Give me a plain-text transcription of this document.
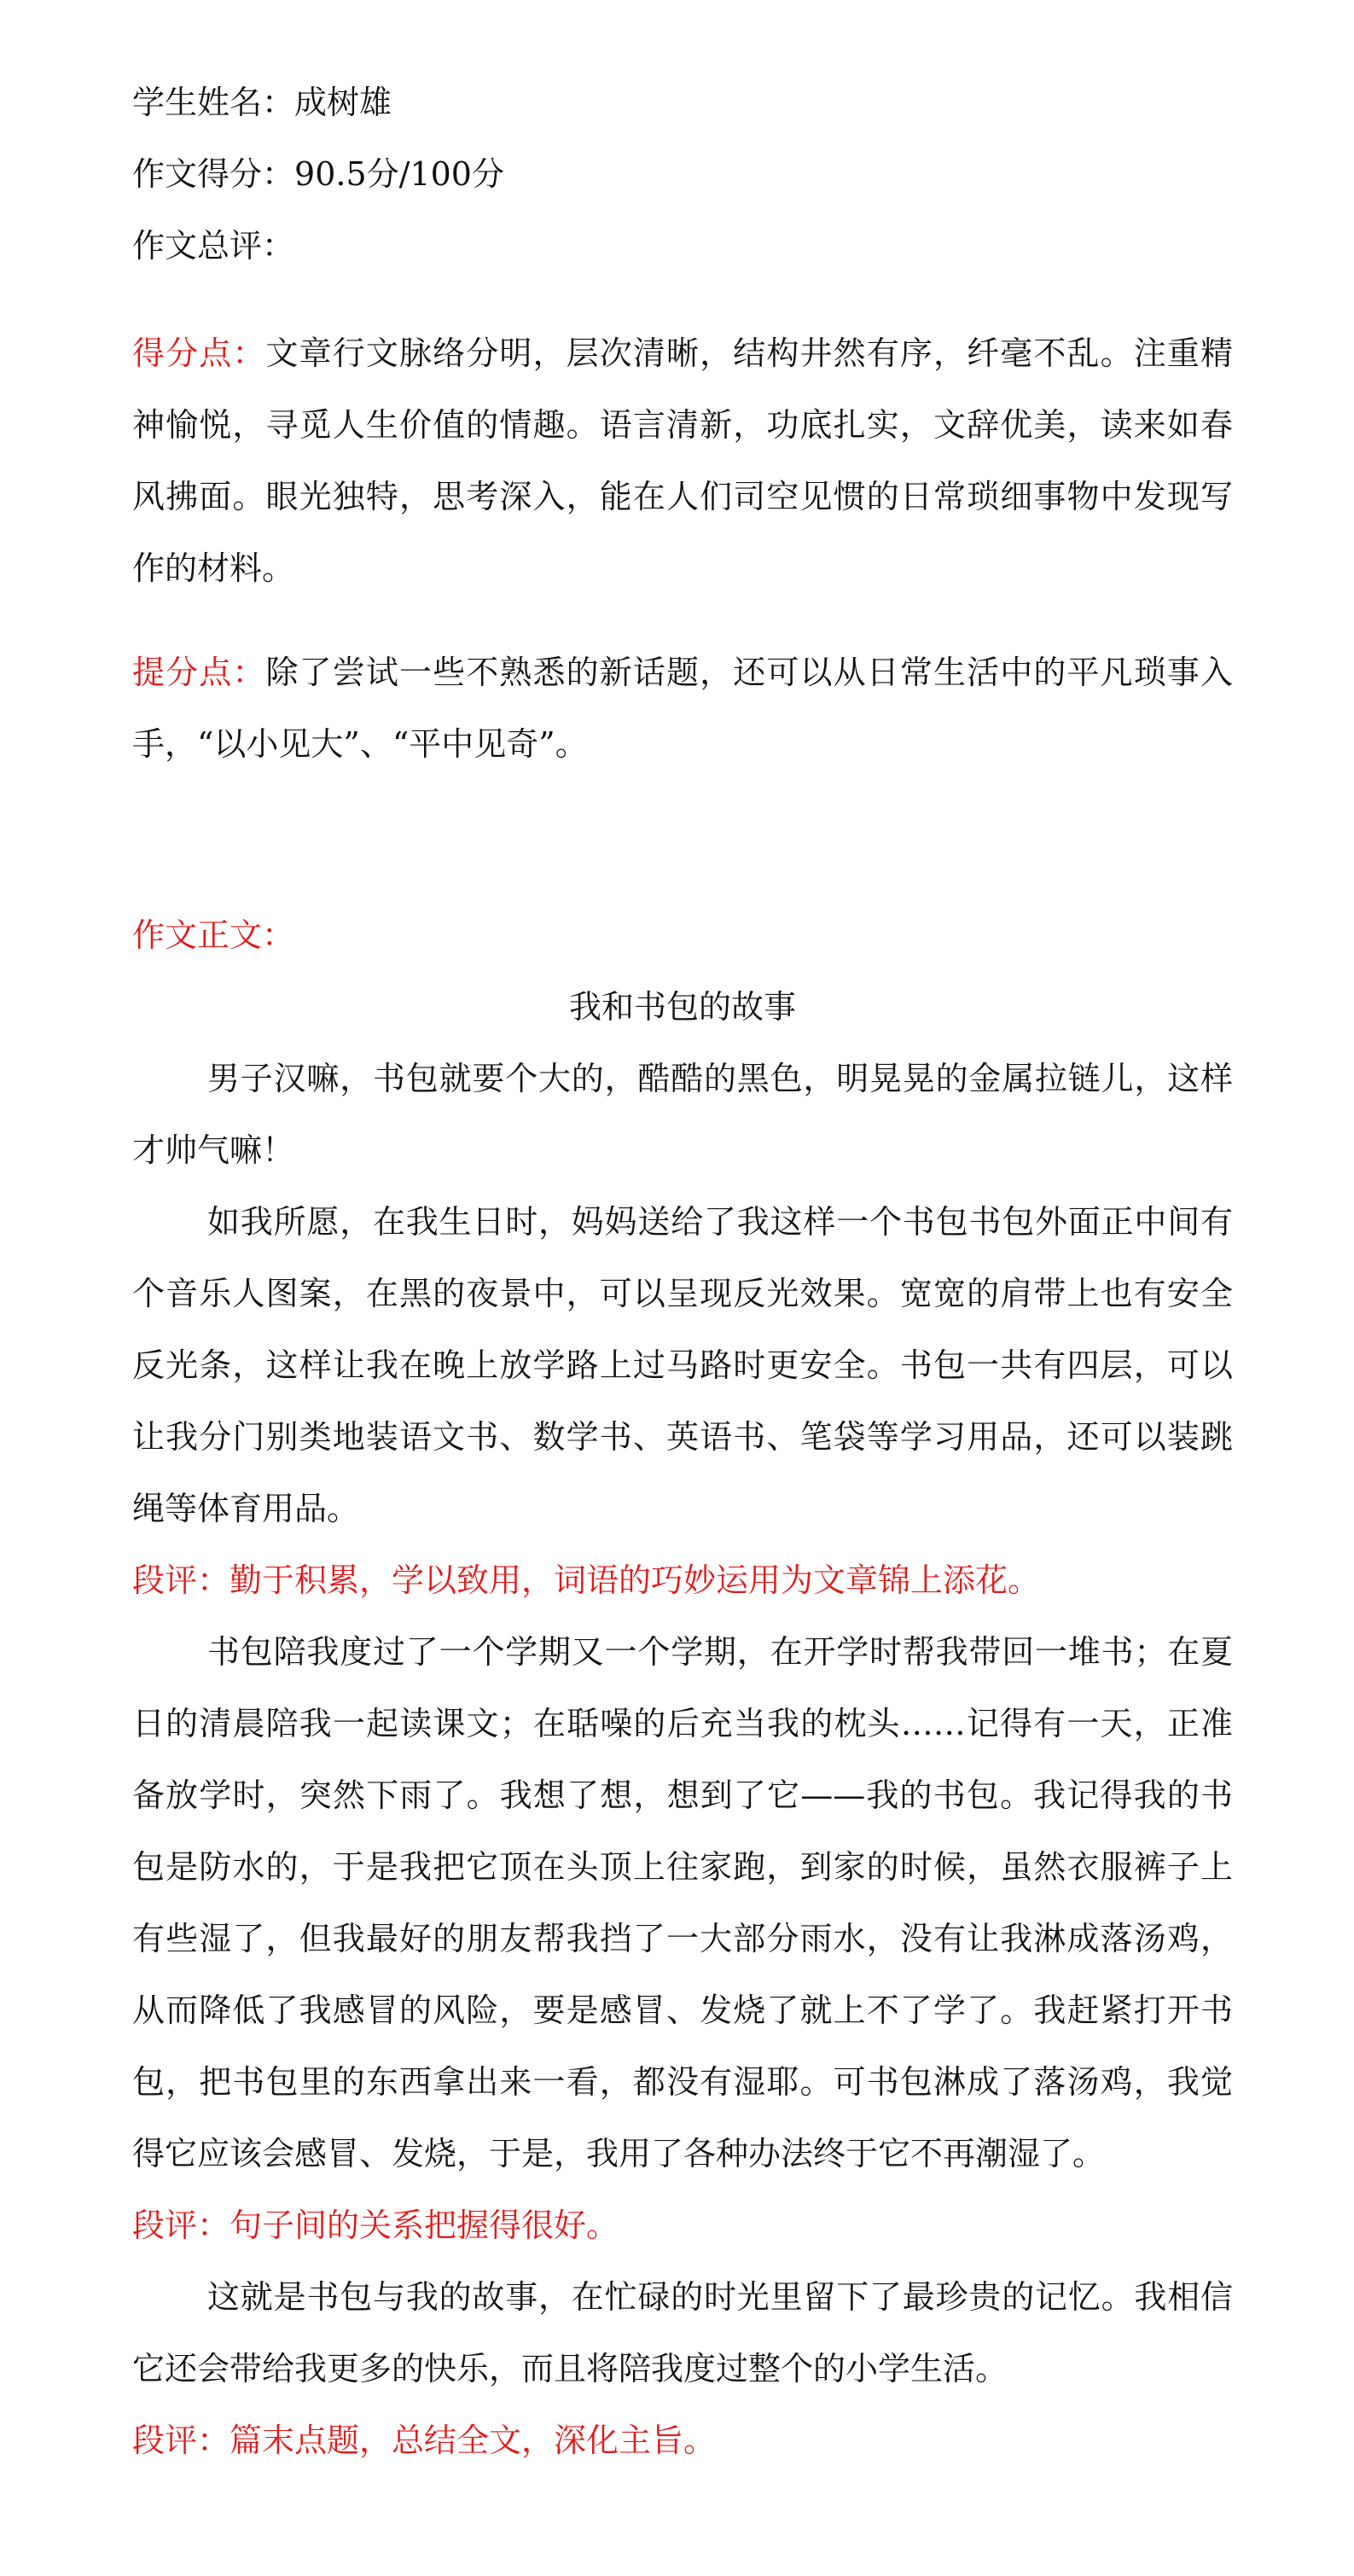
学生姓名：成树雄
作文得分：90.5分/100分
作文总评：
得分点：文章行文脉络分明，层次清晰，结构井然有序，纤毫不乱。注重精神愉悦，寻觅人生价值的情趣。语言清新，功底扎实，文辞优美，读来如春风拂面。眼光独特，思考深入，能在人们司空见惯的日常琐细事物中发现写作的材料。
提分点：除了尝试一些不熟悉的新话题，还可以从日常生活中的平凡琐事入手，“以小见大”、“平中见奇”。
作文正文：
我和书包的故事
男子汉嘛，书包就要个大的，酷酷的黑色，明晃晃的金属拉链儿，这样才帅气嘛！
如我所愿，在我生日时，妈妈送给了我这样一个书包书包外面正中间有个音乐人图案，在黑的夜景中，可以呈现反光效果。宽宽的肩带上也有安全反光条，这样让我在晚上放学路上过马路时更安全。书包一共有四层，可以让我分门别类地装语文书、数学书、英语书、笔袋等学习用品，还可以装跳绳等体育用品。
段评：勤于积累，学以致用，词语的巧妙运用为文章锦上添花。
书包陪我度过了一个学期又一个学期，在开学时帮我带回一堆书；在夏日的清晨陪我一起读课文；在聒噪的后充当我的枕头……记得有一天，正准备放学时，突然下雨了。我想了想，想到了它——我的书包。我记得我的书包是防水的，于是我把它顶在头顶上往家跑，到家的时候，虽然衣服裤子上有些湿了，但我最好的朋友帮我挡了一大部分雨水，没有让我淋成落汤鸡，从而降低了我感冒的风险，要是感冒、发烧了就上不了学了。我赶紧打开书包，把书包里的东西拿出来一看，都没有湿耶。可书包淋成了落汤鸡，我觉得它应该会感冒、发烧，于是，我用了各种办法终于它不再潮湿了。
段评：句子间的关系把握得很好。
这就是书包与我的故事，在忙碌的时光里留下了最珍贵的记忆。我相信它还会带给我更多的快乐，而且将陪我度过整个的小学生活。
段评：篇末点题，总结全文，深化主旨。
